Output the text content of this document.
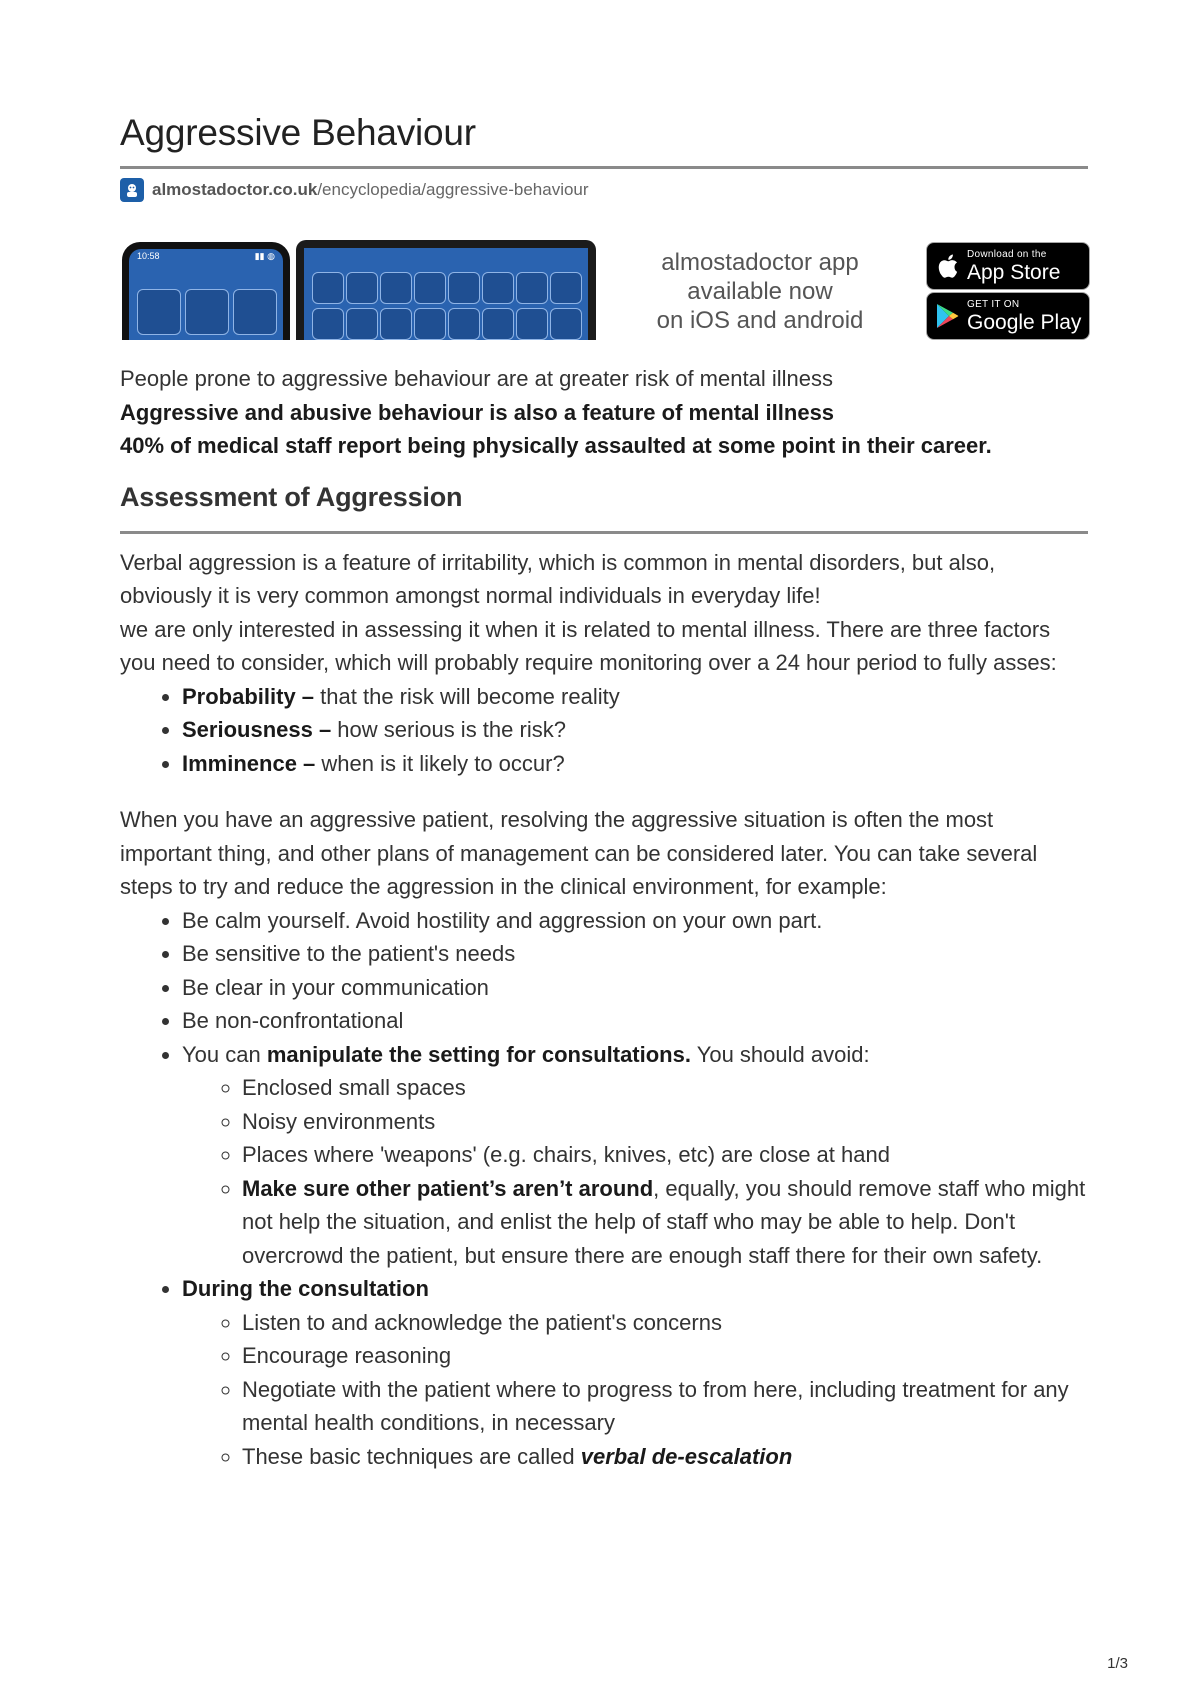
Aggressive Behaviour
almostadoctor.co.uk /encyclopedia/aggressive-behaviour
10:58	▮▮ ◍	almostadoctor app
available now
on iOS and android
Download on the
App Store
GET IT ON
Google Play

People prone to aggressive behaviour are at greater risk of mental illness

Aggressive and abusive behaviour is also a feature of mental illness

40% of medical staff report being physically assaulted at some point in their career.

Assessment of Aggression

Verbal aggression is a feature of irritability, which is common in mental disorders, but also, obviously it is very common amongst normal individuals in everyday life!

we are only interested in assessing it when it is related to mental illness. There are three factors you need to consider, which will probably require monitoring over a 24 hour period to fully asses:

• Probability – that the risk will become reality
• Seriousness – how serious is the risk?
• Imminence – when is it likely to occur?

When you have an aggressive patient, resolving the aggressive situation is often the most important thing, and other plans of management can be considered later. You can take several steps to try and reduce the aggression in the clinical environment, for example:

• Be calm yourself. Avoid hostility and aggression on your own part.
• Be sensitive to the patient's needs
• Be clear in your communication
• Be non-confrontational
• You can manipulate the setting for consultations. You should avoid:
◦ Enclosed small spaces
◦ Noisy environments
◦ Places where 'weapons' (e.g. chairs, knives, etc) are close at hand
◦ Make sure other patient’s aren’t around, equally, you should remove staff who might not help the situation, and enlist the help of staff who may be able to help. Don't overcrowd the patient, but ensure there are enough staff there for their own safety.
• During the consultation
◦ Listen to and acknowledge the patient's concerns
◦ Encourage reasoning
◦ Negotiate with the patient where to progress to from here, including treatment for any mental health conditions, in necessary
◦ These basic techniques are called verbal de-escalation
1/3
